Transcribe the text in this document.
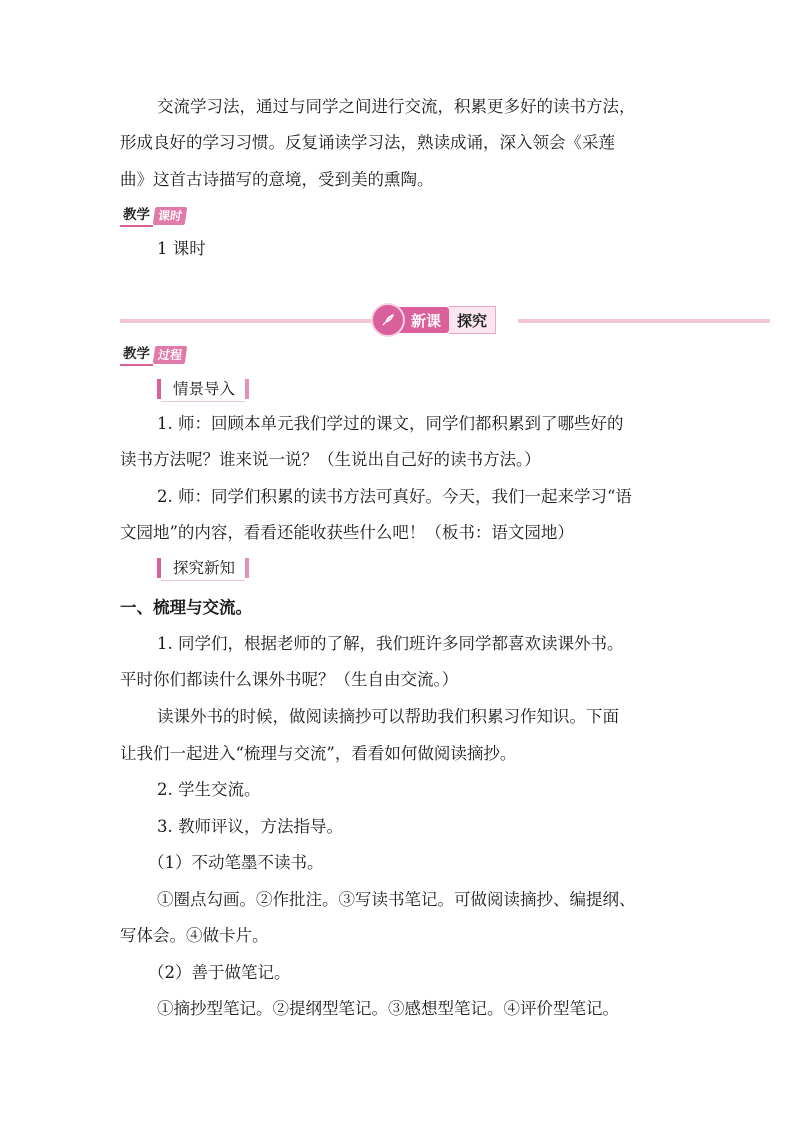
交流学习法，通过与同学之间进行交流，积累更多好的读书方法，
形成良好的学习习惯。反复诵读学习法，熟读成诵，深入领会《采莲
曲》这首古诗描写的意境，受到美的熏陶。
教学 课时
1 课时
新课	探究
教学 过程
情景导入
1. 师：回顾本单元我们学过的课文，同学们都积累到了哪些好的
读书方法呢？谁来说一说？（生说出自己好的读书方法。）
2. 师：同学们积累的读书方法可真好。今天，我们一起来学习“语
文园地”的内容，看看还能收获些什么吧！（板书：语文园地）
探究新知
一、梳理与交流。
1. 同学们，根据老师的了解，我们班许多同学都喜欢读课外书。
平时你们都读什么课外书呢？（生自由交流。）
读课外书的时候，做阅读摘抄可以帮助我们积累习作知识。下面
让我们一起进入“梳理与交流”，看看如何做阅读摘抄。
2. 学生交流。
3. 教师评议，方法指导。
（1）不动笔墨不读书。
①圈点勾画。②作批注。③写读书笔记。可做阅读摘抄、编提纲、
写体会。④做卡片。
（2）善于做笔记。
①摘抄型笔记。②提纲型笔记。③感想型笔记。④评价型笔记。
